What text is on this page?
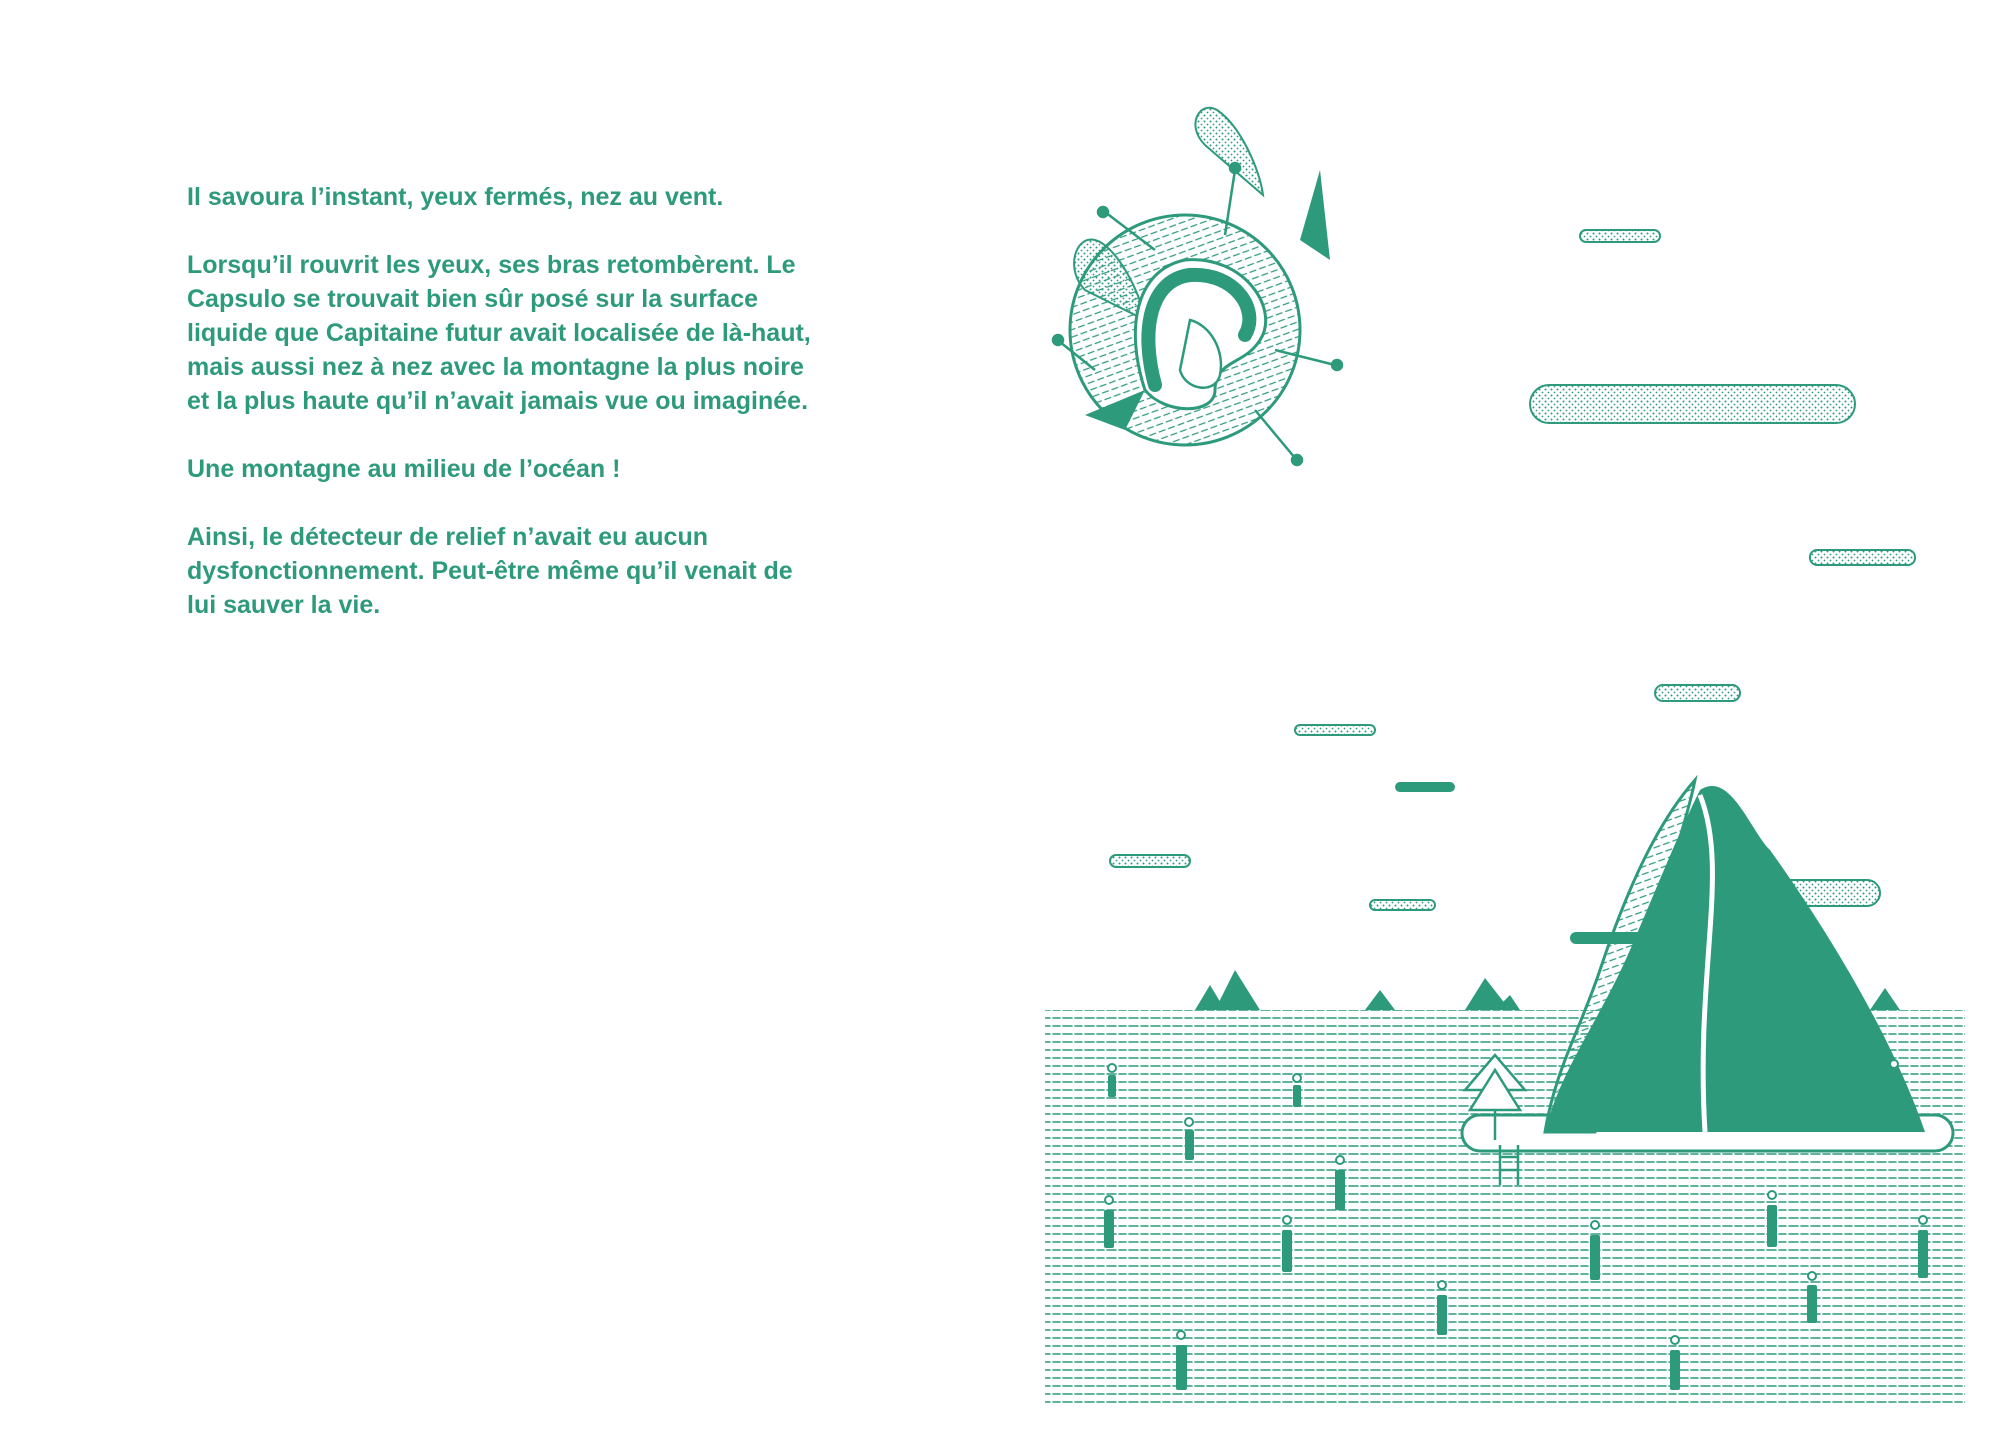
Il savoura l’instant, yeux fermés, nez au vent.

Lorsqu’il rouvrit les yeux, ses bras retombèrent. Le Capsulo se trouvait bien sûr posé sur la surface liquide que Capitaine futur avait localisée de là-haut, mais aussi nez à nez avec la montagne la plus noire et la plus haute qu’il n’avait jamais vue ou imaginée.

Une montagne au milieu de l’océan !

Ainsi, le détecteur de relief n’avait eu aucun dysfonctionnement. Peut-être même qu’il venait de lui sauver la vie.
